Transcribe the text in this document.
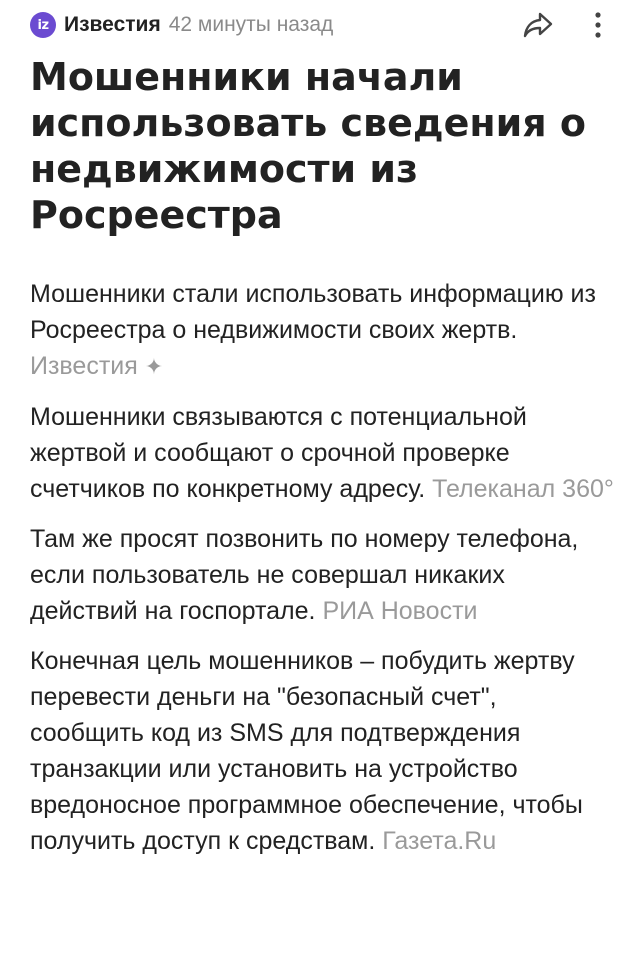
iz Известия 42 минуты назад
Мошенники начали использовать сведения о недвижимости из Росреестра

Мошенники стали использовать информацию из Росреестра о недвижимости своих жертв. Известия ✦

Мошенники связываются с потенциальной жертвой и сообщают о срочной проверке счетчиков по конкретному адресу. Телеканал 360°

Там же просят позвонить по номеру телефона, если пользователь не совершал никаких действий на госпортале. РИА Новости

Конечная цель мошенников – побудить жертву перевести деньги на "безопасный счет", сообщить код из SMS для подтверждения транзакции или установить на устройство вредоносное программное обеспечение, чтобы получить доступ к средствам. Газета.Ru
